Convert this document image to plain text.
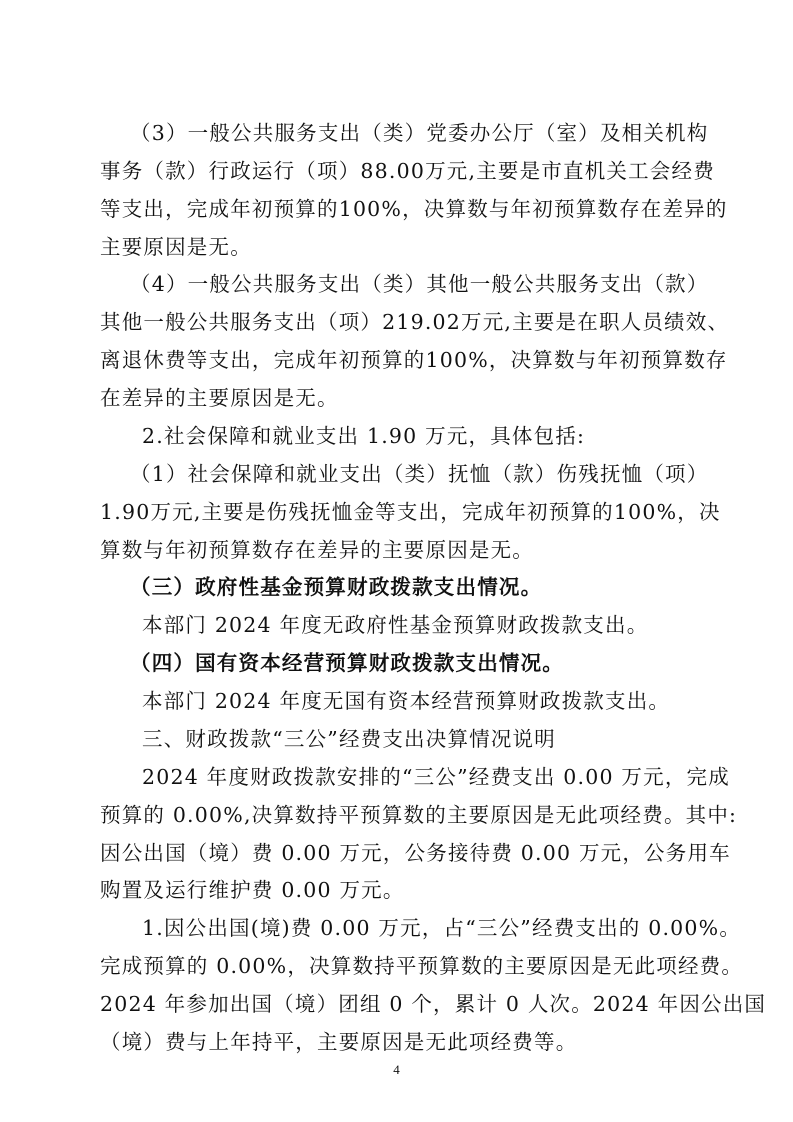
（3）一般公共服务支出（类）党委办公厅（室）及相关机构
事务（款）行政运行（项）88.00万元,主要是市直机关工会经费
等支出，完成年初预算的100%，决算数与年初预算数存在差异的
主要原因是无。
（4）一般公共服务支出（类）其他一般公共服务支出（款）
其他一般公共服务支出（项）219.02万元,主要是在职人员绩效、
离退休费等支出，完成年初预算的100%，决算数与年初预算数存
在差异的主要原因是无。
2.社会保障和就业支出 1.90 万元，具体包括:
（1）社会保障和就业支出（类）抚恤（款）伤残抚恤（项）
1.90万元,主要是伤残抚恤金等支出，完成年初预算的100%，决
算数与年初预算数存在差异的主要原因是无。
（三）政府性基金预算财政拨款支出情况。
本部门 2024 年度无政府性基金预算财政拨款支出。
（四）国有资本经营预算财政拨款支出情况。
本部门 2024 年度无国有资本经营预算财政拨款支出。
三、财政拨款“三公”经费支出决算情况说明
2024 年度财政拨款安排的“三公”经费支出 0.00 万元，完成
预算的 0.00%,决算数持平预算数的主要原因是无此项经费。其中:
因公出国（境）费 0.00 万元，公务接待费 0.00 万元，公务用车
购置及运行维护费 0.00 万元。
1.因公出国(境)费 0.00 万元，占“三公”经费支出的 0.00%。
完成预算的 0.00%，决算数持平预算数的主要原因是无此项经费。
2024 年参加出国（境）团组 0 个，累计 0 人次。2024 年因公出国
（境）费与上年持平，主要原因是无此项经费等。
4
